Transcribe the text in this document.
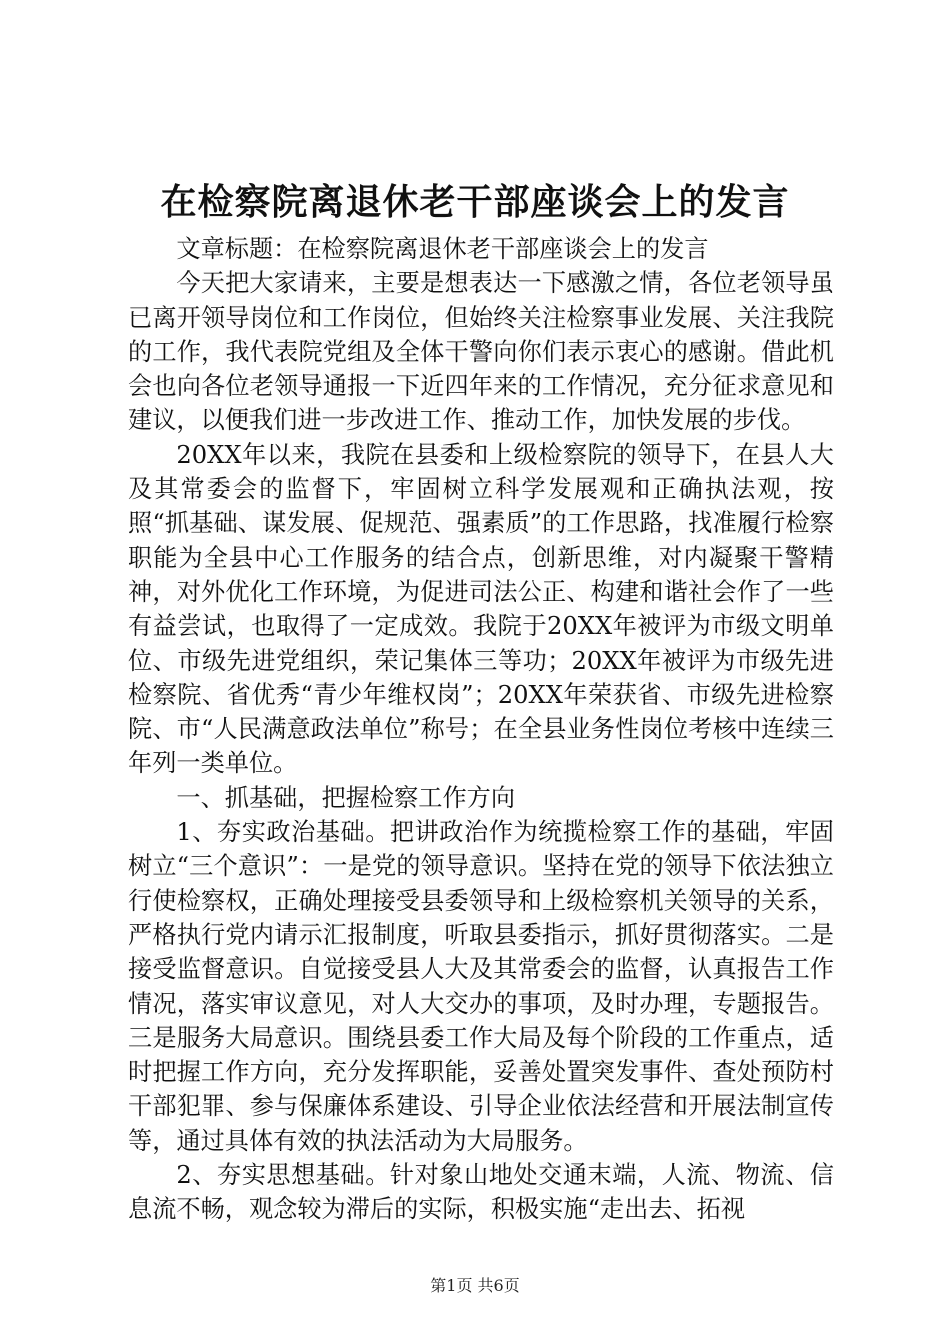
在检察院离退休老干部座谈会上的发言

文章标题：在检察院离退休老干部座谈会上的发言

今天把大家请来，主要是想表达一下感激之情，各位老领导虽已离开领导岗位和工作岗位，但始终关注检察事业发展、关注我院的工作，我代表院党组及全体干警向你们表示衷心的感谢。借此机会也向各位老领导通报一下近四年来的工作情况，充分征求意见和建议，以便我们进一步改进工作、推动工作，加快发展的步伐。

20XX年以来，我院在县委和上级检察院的领导下，在县人大及其常委会的监督下，牢固树立科学发展观和正确执法观，按照“抓基础、谋发展、促规范、强素质”的工作思路，找准履行检察职能为全县中心工作服务的结合点，创新思维，对内凝聚干警精神，对外优化工作环境，为促进司法公正、构建和谐社会作了一些有益尝试，也取得了一定成效。我院于20XX年被评为市级文明单位、市级先进党组织，荣记集体三等功；20XX年被评为市级先进检察院、省优秀“青少年维权岗”；20XX年荣获省、市级先进检察院、市“人民满意政法单位”称号；在全县业务性岗位考核中连续三年列一类单位。

一、抓基础，把握检察工作方向

1、夯实政治基础。把讲政治作为统揽检察工作的基础，牢固树立“三个意识”：一是党的领导意识。坚持在党的领导下依法独立行使检察权，正确处理接受县委领导和上级检察机关领导的关系，严格执行党内请示汇报制度，听取县委指示，抓好贯彻落实。二是接受监督意识。自觉接受县人大及其常委会的监督，认真报告工作情况，落实审议意见，对人大交办的事项，及时办理，专题报告。三是服务大局意识。围绕县委工作大局及每个阶段的工作重点，适时把握工作方向，充分发挥职能，妥善处置突发事件、查处预防村干部犯罪、参与保廉体系建设、引导企业依法经营和开展法制宣传等，通过具体有效的执法活动为大局服务。

2、夯实思想基础。针对象山地处交通末端，人流、物流、信息流不畅，观念较为滞后的实际，积极实施“走出去、拓视

第1页 共6页
